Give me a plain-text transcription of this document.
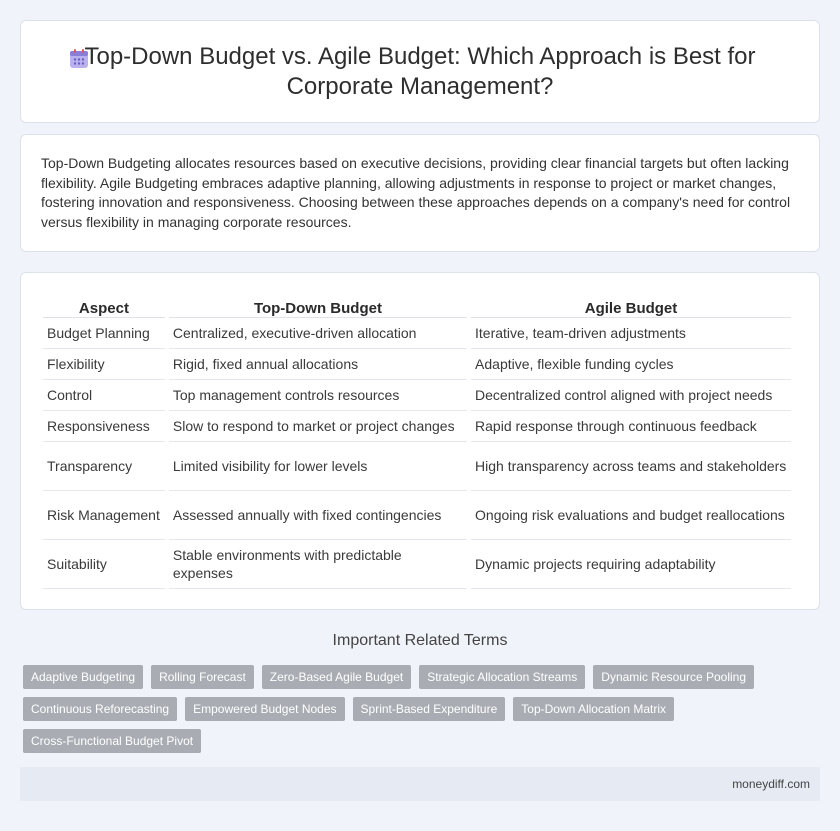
Top-Down Budget vs. Agile Budget: Which Approach is Best for Corporate Management?

Top-Down Budgeting allocates resources based on executive decisions, providing clear financial targets but often lacking flexibility. Agile Budgeting embraces adaptive planning, allowing adjustments in response to project or market changes, fostering innovation and responsiveness. Choosing between these approaches depends on a company's need for control versus flexibility in managing corporate resources.

Aspect	Top-Down Budget	Agile Budget
Budget Planning	Centralized, executive-driven allocation	Iterative, team-driven adjustments
Flexibility	Rigid, fixed annual allocations	Adaptive, flexible funding cycles
Control	Top management controls resources	Decentralized control aligned with project needs
Responsiveness	Slow to respond to market or project changes	Rapid response through continuous feedback
Transparency	Limited visibility for lower levels	High transparency across teams and stakeholders
Risk Management	Assessed annually with fixed contingencies	Ongoing risk evaluations and budget reallocations
Suitability	Stable environments with predictable expenses	Dynamic projects requiring adaptability
Important Related Terms
Adaptive Budgeting	Rolling Forecast	Zero-Based Agile Budget	Strategic Allocation Streams	Dynamic Resource Pooling
Continuous Reforecasting	Empowered Budget Nodes	Sprint-Based Expenditure	Top-Down Allocation Matrix
Cross-Functional Budget Pivot
moneydiff.com
